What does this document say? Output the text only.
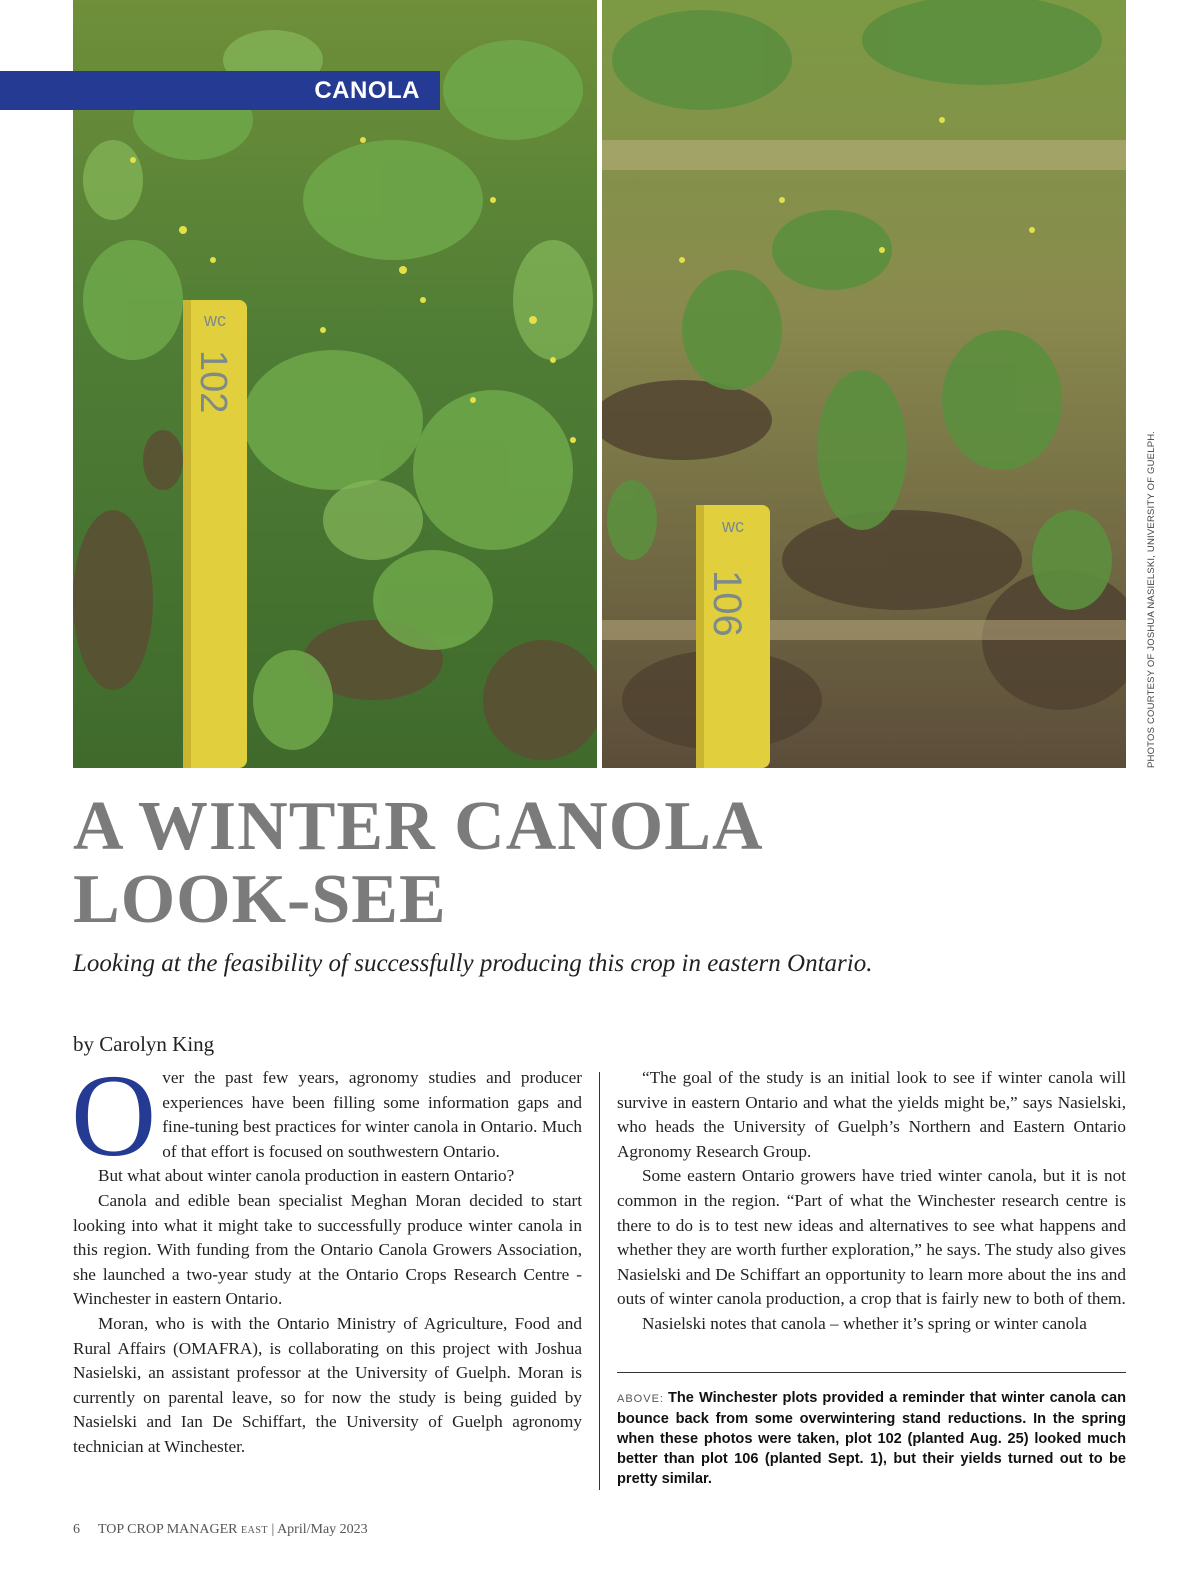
wc
102
wc
106
CANOLA
PHOTOS COURTESY OF JOSHUA NASIELSKI, UNIVERSITY OF GUELPH.
A WINTER CANOLA
LOOK-SEE
Looking at the feasibility of successfully producing this crop in eastern Ontario.
by Carolyn King

Over the past few years, agronomy studies and producer experiences have been filling some information gaps and fine-tuning best practices for winter canola in Ontario. Much of that effort is focused on southwestern Ontario.

But what about winter canola production in eastern Ontario?

Canola and edible bean specialist Meghan Moran decided to start looking into what it might take to successfully produce winter canola in this region. With funding from the Ontario Canola Growers Association, she launched a two-year study at the Ontario Crops Research Centre - Winchester in eastern Ontario.

Moran, who is with the Ontario Ministry of Agriculture, Food and Rural Affairs (OMAFRA), is collaborating on this project with Joshua Nasielski, an assistant professor at the University of Guelph. Moran is currently on parental leave, so for now the study is being guided by Nasielski and Ian De Schiffart, the University of Guelph agronomy technician at Winchester.

“The goal of the study is an initial look to see if winter canola will survive in eastern Ontario and what the yields might be,” says Nasielski, who heads the University of Guelph’s Northern and Eastern Ontario Agronomy Research Group.

Some eastern Ontario growers have tried winter canola, but it is not common in the region. “Part of what the Winchester research centre is there to do is to test new ideas and alternatives to see what happens and whether they are worth further exploration,” he says. The study also gives Nasielski and De Schiffart an opportunity to learn more about the ins and outs of winter canola production, a crop that is fairly new to both of them.

Nasielski notes that canola – whether it’s spring or winter canola

ABOVE: The Winchester plots provided a reminder that winter canola can bounce back from some overwintering stand reductions. In the spring when these photos were taken, plot 102 (planted Aug. 25) looked much better than plot 106 (planted Sept. 1), but their yields turned out to be pretty similar.
6 TOP CROP MANAGER EAST | April/May 2023
